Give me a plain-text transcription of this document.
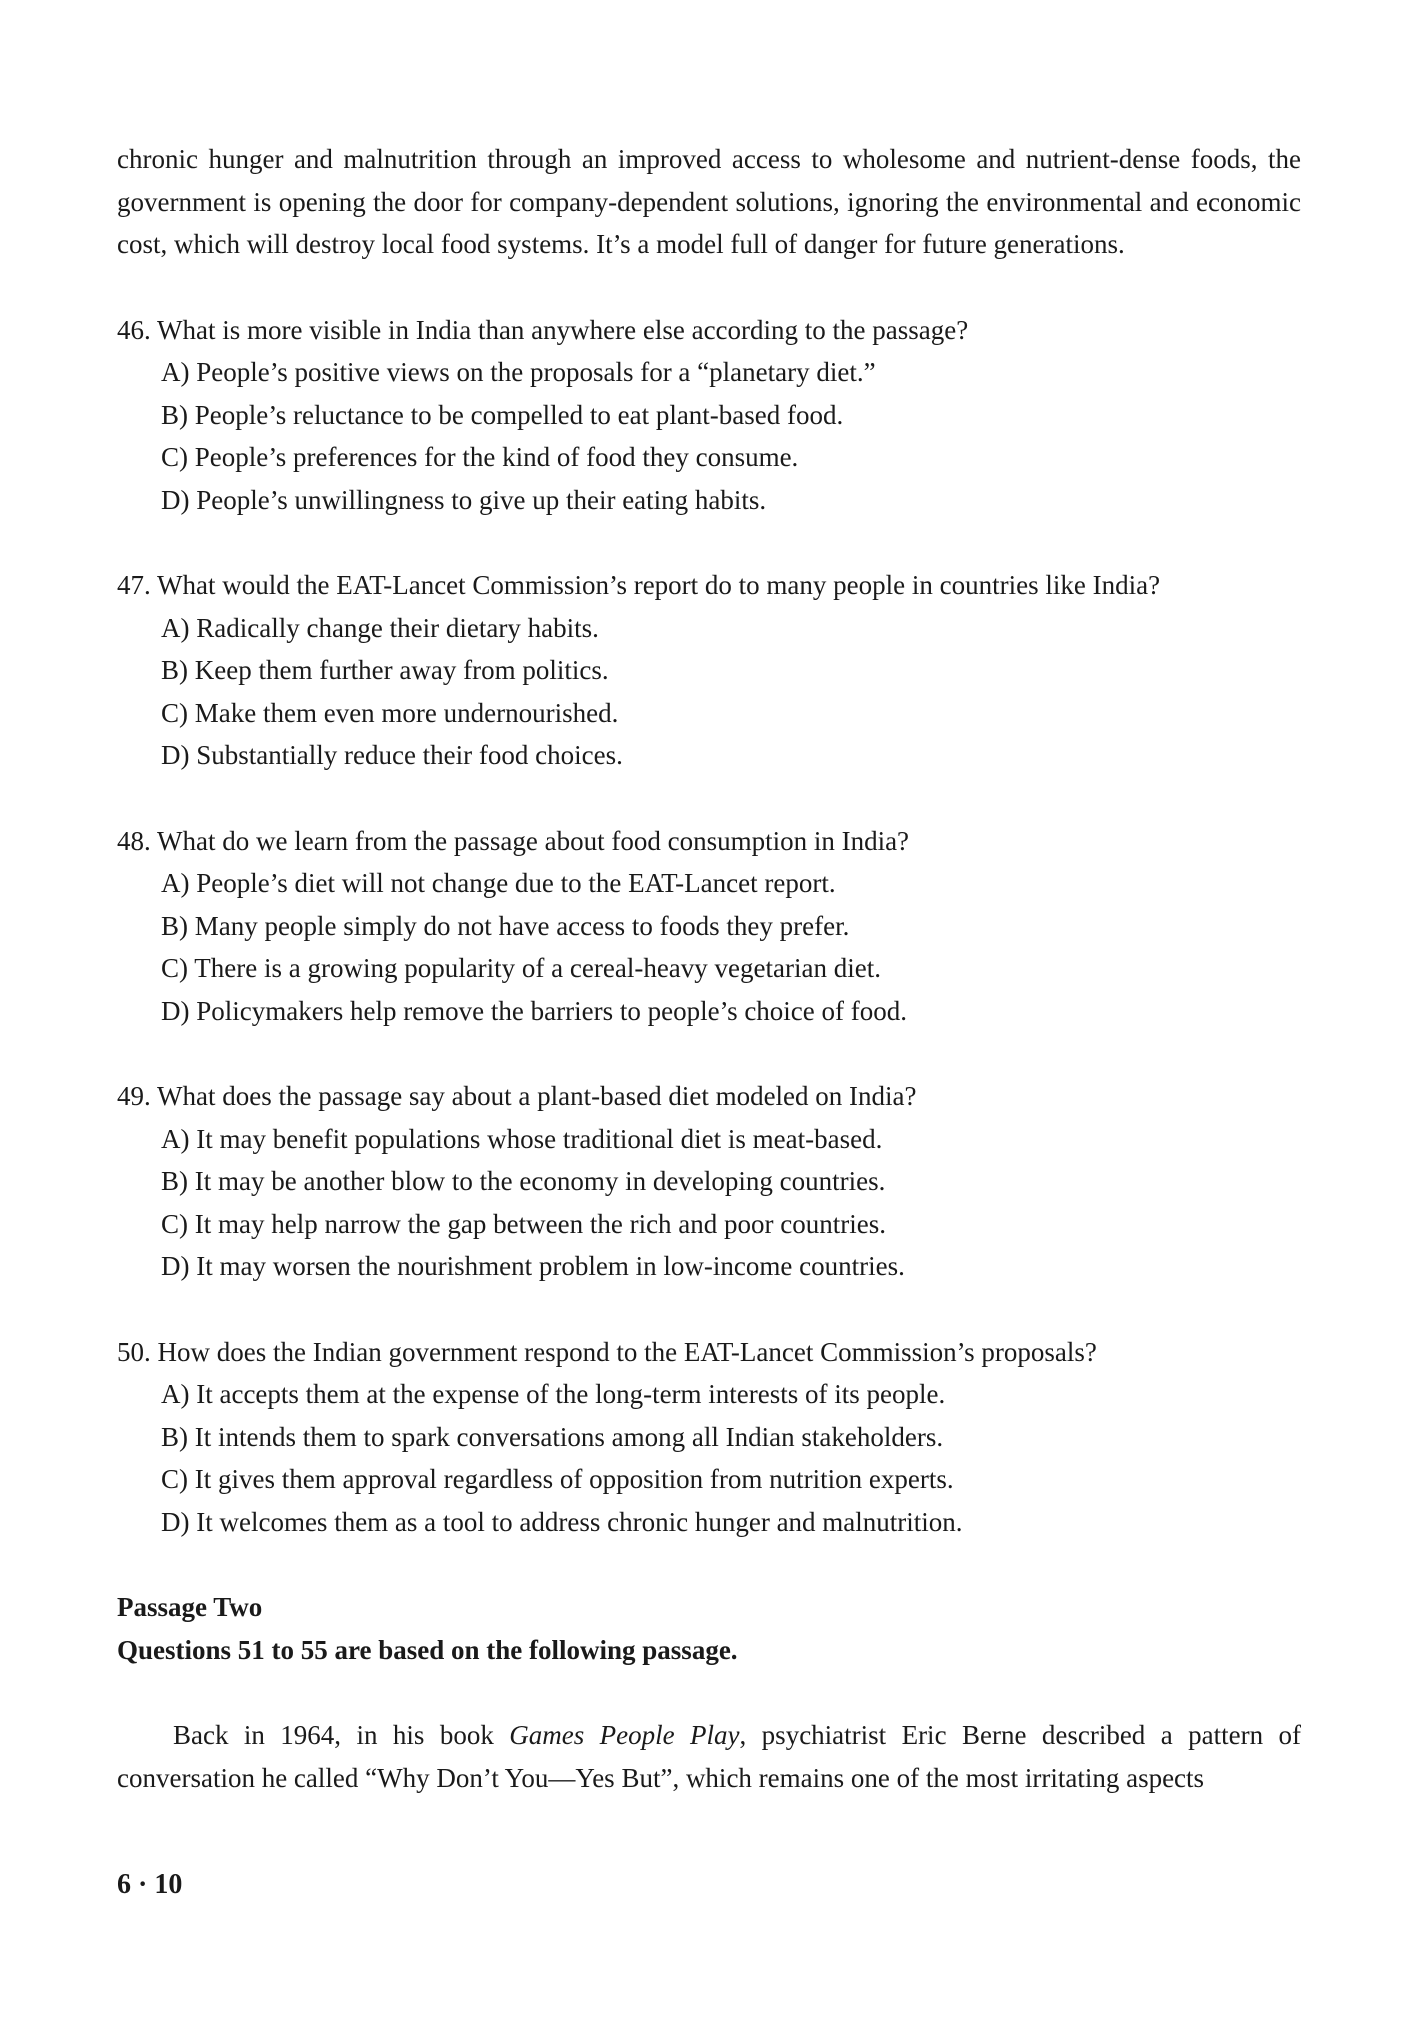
chronic hunger and malnutrition through an improved access to wholesome and nutrient-dense foods, the government is opening the door for company-dependent solutions, ignoring the environmental and economic cost, which will destroy local food systems. It’s a model full of danger for future generations.

46. What is more visible in India than anywhere else according to the passage?

A) People’s positive views on the proposals for a “planetary diet.”

B) People’s reluctance to be compelled to eat plant-based food.

C) People’s preferences for the kind of food they consume.

D) People’s unwillingness to give up their eating habits.

47. What would the EAT-Lancet Commission’s report do to many people in countries like India?

A) Radically change their dietary habits.

B) Keep them further away from politics.

C) Make them even more undernourished.

D) Substantially reduce their food choices.

48. What do we learn from the passage about food consumption in India?

A) People’s diet will not change due to the EAT-Lancet report.

B) Many people simply do not have access to foods they prefer.

C) There is a growing popularity of a cereal-heavy vegetarian diet.

D) Policymakers help remove the barriers to people’s choice of food.

49. What does the passage say about a plant-based diet modeled on India?

A) It may benefit populations whose traditional diet is meat-based.

B) It may be another blow to the economy in developing countries.

C) It may help narrow the gap between the rich and poor countries.

D) It may worsen the nourishment problem in low-income countries.

50. How does the Indian government respond to the EAT-Lancet Commission’s proposals?

A) It accepts them at the expense of the long-term interests of its people.

B) It intends them to spark conversations among all Indian stakeholders.

C) It gives them approval regardless of opposition from nutrition experts.

D) It welcomes them as a tool to address chronic hunger and malnutrition.

Passage Two

Questions 51 to 55 are based on the following passage.

Back in 1964, in his book Games People Play, psychiatrist Eric Berne described a pattern of conversation he called “Why Don’t You—Yes But”, which remains one of the most irritating aspects

6 · 10
